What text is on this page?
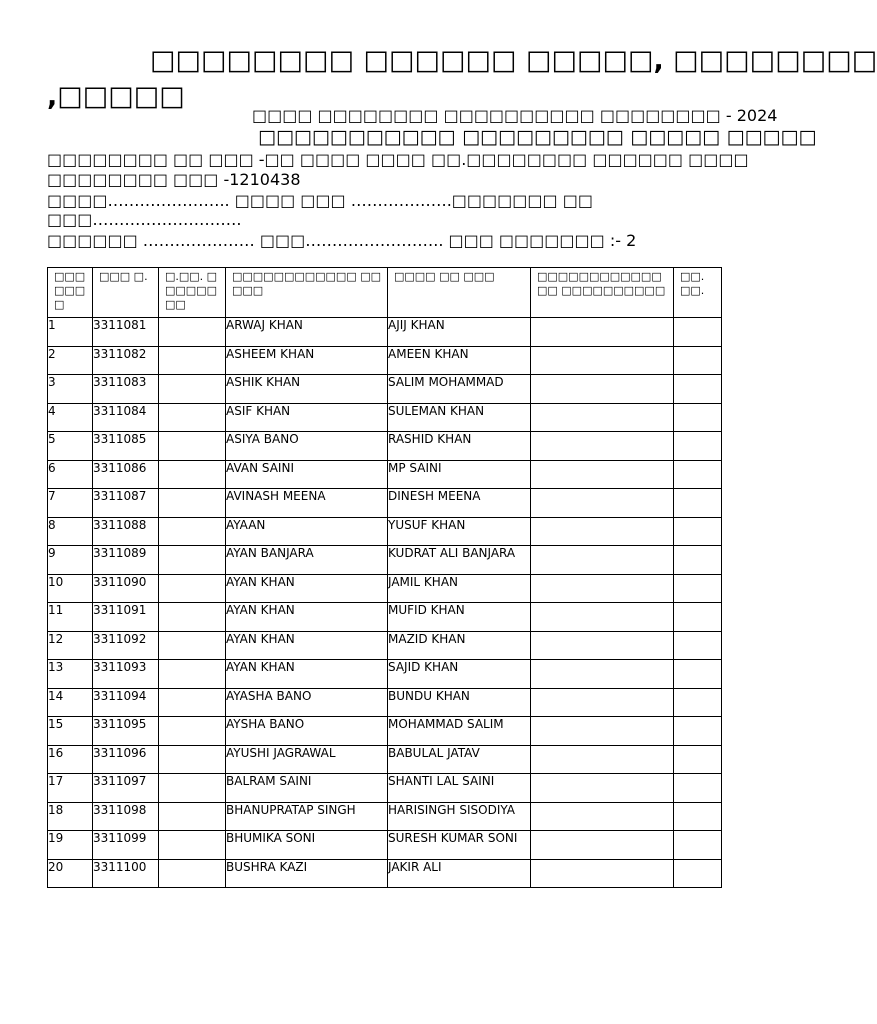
□□□□□□□□ □□□□□□ □□□□□, □□□□□□□□
,□□□□□
□□□□ □□□□□□□□ □□□□□□□□□□ □□□□□□□□ - 2024
□□□□□□□□□□□ □□□□□□□□□ □□□□□ □□□□□
□□□□□□□□ □□ □□□ -□□ □□□□ □□□□ □□.□□□□□□□□ □□□□□□ □□□□
□□□□□□□□ □□□ -1210438
□□□□………………….. □□□□ □□□ ……………….□□□□□□□ □□
□□□……………………….
□□□□□□ ………………… □□□…………………….. □□□ □□□□□□□ :- 2
□□□ □□□□	□□□ □.	□.□□. □□□□□□□□	□□□□□□□□□□□□ □□ □□□	□□□□ □□ □□□	□□□□□□□□□□□□ □□ □□□□□□□□□□	□□. □□.
1	3311081		ARWAJ KHAN	AJIJ KHAN		
2	3311082		ASHEEM KHAN	AMEEN KHAN		
3	3311083		ASHIK KHAN	SALIM MOHAMMAD		
4	3311084		ASIF KHAN	SULEMAN KHAN		
5	3311085		ASIYA BANO	RASHID KHAN		
6	3311086		AVAN SAINI	MP SAINI		
7	3311087		AVINASH MEENA	DINESH MEENA		
8	3311088		AYAAN	YUSUF KHAN		
9	3311089		AYAN BANJARA	KUDRAT ALI BANJARA		
10	3311090		AYAN KHAN	JAMIL KHAN		
11	3311091		AYAN KHAN	MUFID KHAN		
12	3311092		AYAN KHAN	MAZID KHAN		
13	3311093		AYAN KHAN	SAJID KHAN		
14	3311094		AYASHA BANO	BUNDU KHAN		
15	3311095		AYSHA BANO	MOHAMMAD SALIM		
16	3311096		AYUSHI JAGRAWAL	BABULAL JATAV		
17	3311097		BALRAM SAINI	SHANTI LAL SAINI		
18	3311098		BHANUPRATAP SINGH	HARISINGH SISODIYA		
19	3311099		BHUMIKA SONI	SURESH KUMAR SONI		
20	3311100		BUSHRA KAZI	JAKIR ALI		
